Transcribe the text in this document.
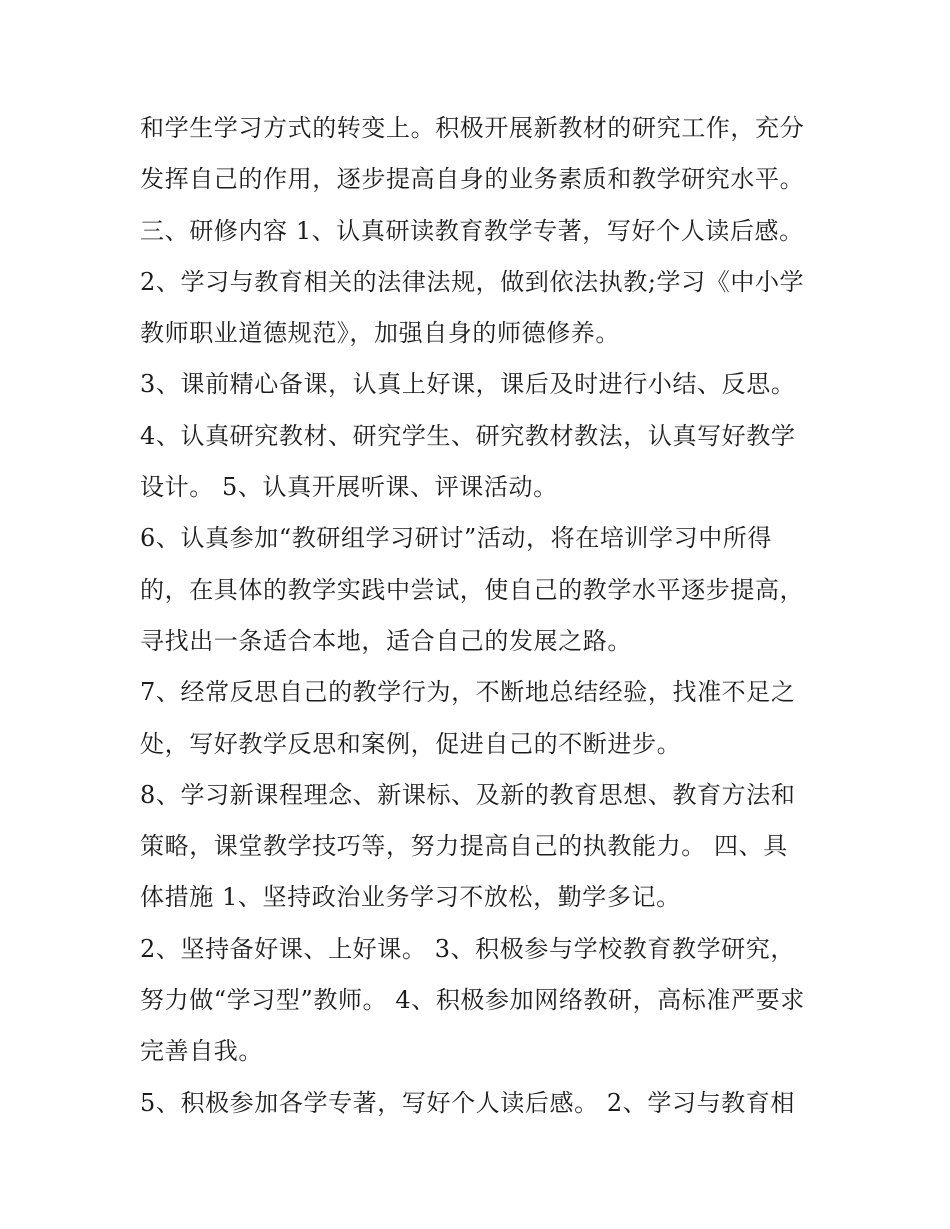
和学生学习方式的转变上。积极开展新教材的研究工作，充分
发挥自己的作用，逐步提高自身的业务素质和教学研究水平。
三、研修内容 1、认真研读教育教学专著，写好个人读后感。
2、学习与教育相关的法律法规，做到依法执教;学习《中小学
教师职业道德规范》，加强自身的师德修养。
3、课前精心备课，认真上好课，课后及时进行小结、反思。
4、认真研究教材、研究学生、研究教材教法，认真写好教学
设计。 5、认真开展听课、评课活动。
6、认真参加“教研组学习研讨”活动，将在培训学习中所得
的，在具体的教学实践中尝试，使自己的教学水平逐步提高，
寻找出一条适合本地，适合自己的发展之路。
7、经常反思自己的教学行为，不断地总结经验，找准不足之
处，写好教学反思和案例，促进自己的不断进步。
8、学习新课程理念、新课标、及新的教育思想、教育方法和
策略，课堂教学技巧等，努力提高自己的执教能力。 四、具
体措施 1、坚持政治业务学习不放松，勤学多记。
2、坚持备好课、上好课。 3、积极参与学校教育教学研究，
努力做“学习型”教师。 4、积极参加网络教研，高标准严要求
完善自我。
5、积极参加各学专著，写好个人读后感。 2、学习与教育相
